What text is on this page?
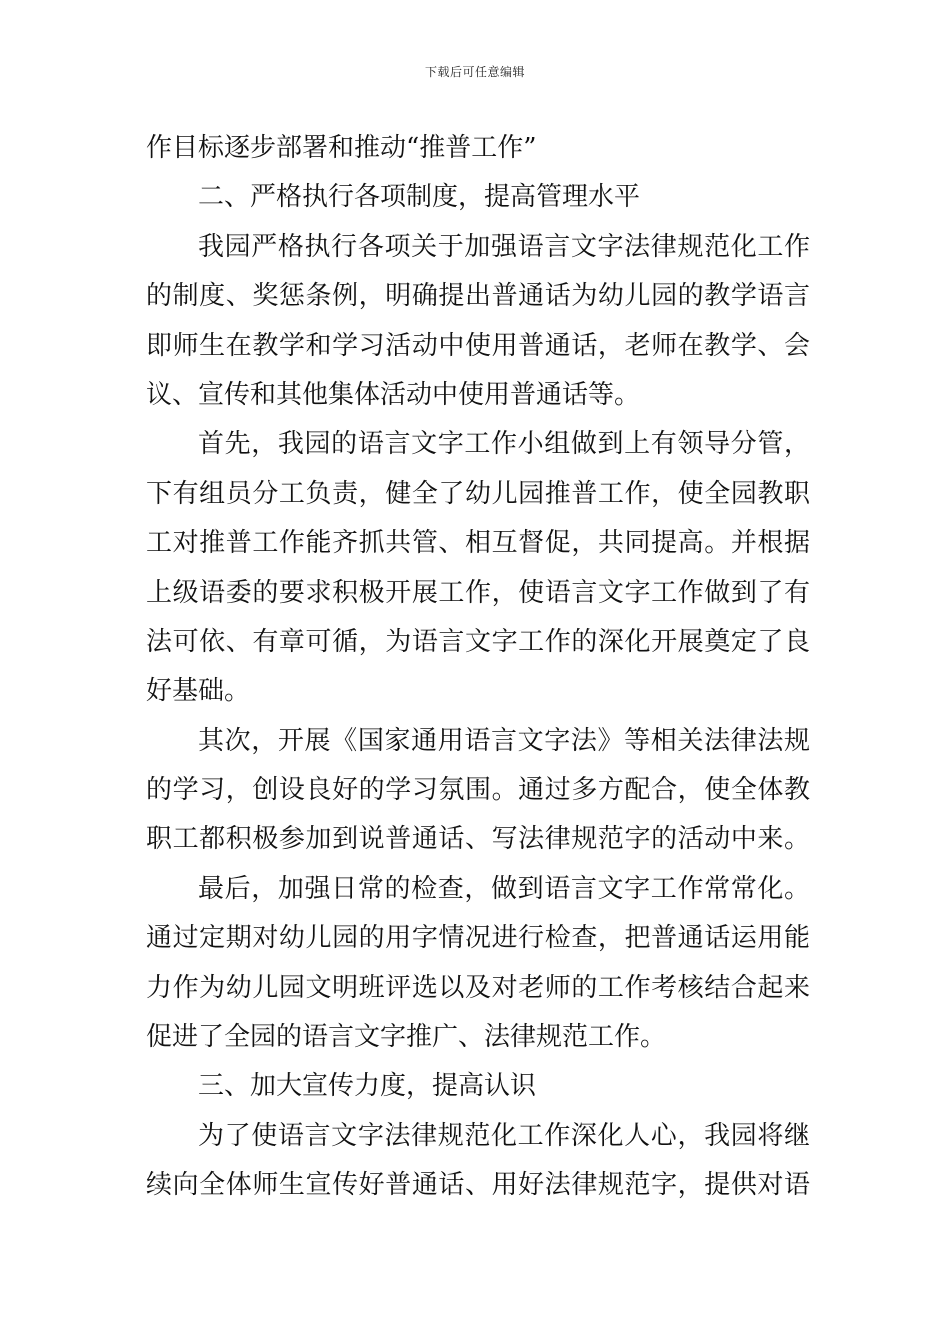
下载后可任意编辑
作目标逐步部署和推动“推普工作”
二、严格执行各项制度，提高管理水平
我园严格执行各项关于加强语言文字法律规范化工作
的制度、奖惩条例，明确提出普通话为幼儿园的教学语言
即师生在教学和学习活动中使用普通话，老师在教学、会
议、宣传和其他集体活动中使用普通话等。
首先，我园的语言文字工作小组做到上有领导分管，
下有组员分工负责，健全了幼儿园推普工作，使全园教职
工对推普工作能齐抓共管、相互督促，共同提高。并根据
上级语委的要求积极开展工作，使语言文字工作做到了有
法可依、有章可循，为语言文字工作的深化开展奠定了良
好基础。
其次，开展《国家通用语言文字法》等相关法律法规
的学习，创设良好的学习氛围。通过多方配合，使全体教
职工都积极参加到说普通话、写法律规范字的活动中来。
最后，加强日常的检查，做到语言文字工作常常化。
通过定期对幼儿园的用字情况进行检查，把普通话运用能
力作为幼儿园文明班评选以及对老师的工作考核结合起来
促进了全园的语言文字推广、法律规范工作。
三、加大宣传力度，提高认识
为了使语言文字法律规范化工作深化人心，我园将继
续向全体师生宣传好普通话、用好法律规范字，提供对语
